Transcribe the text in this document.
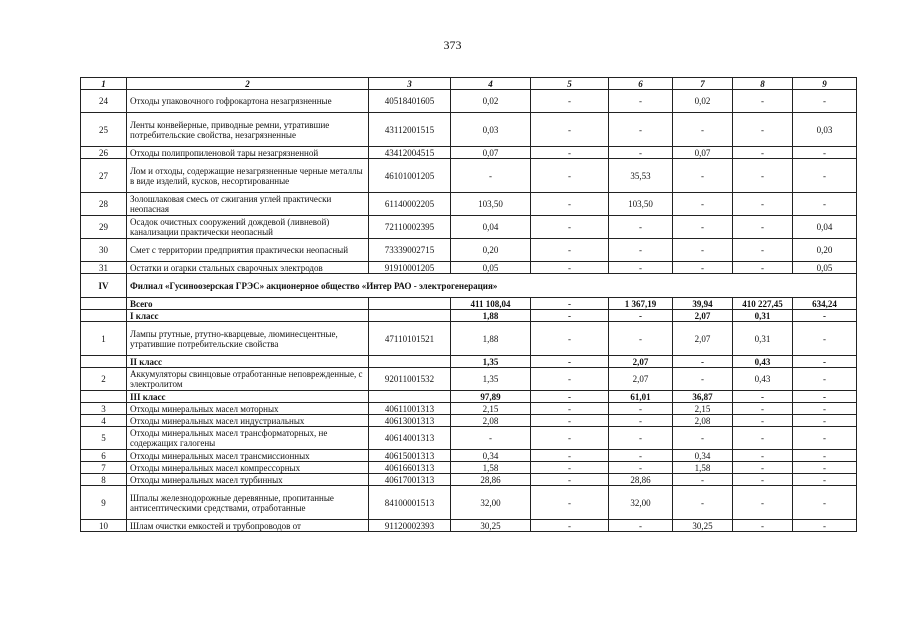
373
1	2	3	4	5	6	7	8	9
24	Отходы упаковочного гофрокартона незагрязненные	40518401605	0,02	-	-	0,02	-	-
25	Ленты конвейерные, приводные ремни, утратившие потребительские свойства, незагрязненные	43112001515	0,03	-	-	-	-	0,03
26	Отходы полипропиленовой тары незагрязненной	43412004515	0,07	-	-	0,07	-	-
27	Лом и отходы, содержащие незагрязненные черные металлы в виде изделий, кусков, несортированные	46101001205	-	-	35,53	-	-	-
28	Золошлаковая смесь от сжигания углей практически неопасная	61140002205	103,50	-	103,50	-	-	-
29	Осадок очистных сооружений дождевой (ливневой) канализации практически неопасный	72110002395	0,04	-	-	-	-	0,04
30	Смет с территории предприятия практически неопасный	73339002715	0,20	-	-	-	-	0,20
31	Остатки и огарки стальных сварочных электродов	91910001205	0,05	-	-	-	-	0,05
IV	Филиал «Гусиноозерская ГРЭС» акционерное общество «Интер РАО - электрогенерация»							
	Всего		411 108,04	-	1 367,19	39,94	410 227,45	634,24
	I класс		1,88	-	-	2,07	0,31	-
1	Лампы ртутные, ртутно-кварцевые, люминесцентные, утратившие потребительские свойства	47110101521	1,88	-	-	2,07	0,31	-
	II класс		1,35	-	2,07	-	0,43	-
2	Аккумуляторы свинцовые отработанные неповрежденные, с электролитом	92011001532	1,35	-	2,07	-	0,43	-
	III класс		97,89	-	61,01	36,87	-	-
3	Отходы минеральных масел моторных	40611001313	2,15	-	-	2,15	-	-
4	Отходы минеральных масел индустриальных	40613001313	2,08	-	-	2,08	-	-
5	Отходы минеральных масел трансформаторных, не содержащих галогены	40614001313	-	-	-	-	-	-
6	Отходы минеральных масел трансмиссионных	40615001313	0,34	-	-	0,34	-	-
7	Отходы минеральных масел компрессорных	40616601313	1,58	-	-	1,58	-	-
8	Отходы минеральных масел турбинных	40617001313	28,86	-	28,86	-	-	-
9	Шпалы железнодорожные деревянные, пропитанные антисептическими средствами, отработанные	84100001513	32,00	-	32,00	-	-	-
10	Шлам очистки емкостей и трубопроводов от	91120002393	30,25	-	-	30,25	-	-
